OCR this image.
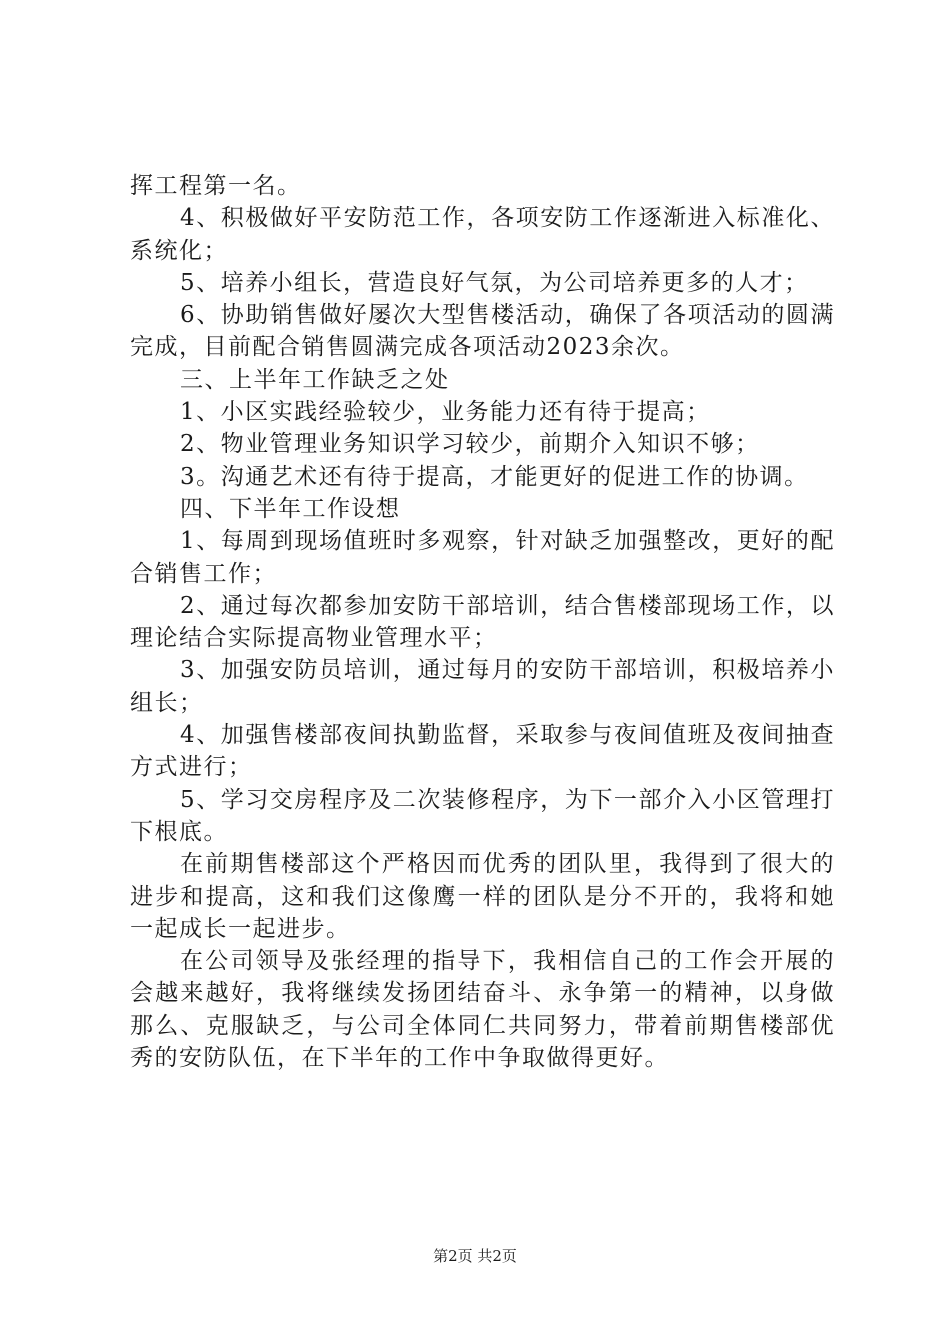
挥工程第一名。

4、积极做好平安防范工作，各项安防工作逐渐进入标准化、系统化；

5、培养小组长，营造良好气氛，为公司培养更多的人才；

6、协助销售做好屡次大型售楼活动，确保了各项活动的圆满完成，目前配合销售圆满完成各项活动2023余次。

三、上半年工作缺乏之处

1、小区实践经验较少，业务能力还有待于提高；

2、物业管理业务知识学习较少，前期介入知识不够；

3。沟通艺术还有待于提高，才能更好的促进工作的协调。

四、下半年工作设想

1、每周到现场值班时多观察，针对缺乏加强整改，更好的配合销售工作；

2、通过每次都参加安防干部培训，结合售楼部现场工作，以理论结合实际提高物业管理水平；

3、加强安防员培训，通过每月的安防干部培训，积极培养小组长；

4、加强售楼部夜间执勤监督，采取参与夜间值班及夜间抽查方式进行；

5、学习交房程序及二次装修程序，为下一部介入小区管理打下根底。

在前期售楼部这个严格因而优秀的团队里，我得到了很大的进步和提高，这和我们这像鹰一样的团队是分不开的，我将和她一起成长一起进步。

在公司领导及张经理的指导下，我相信自己的工作会开展的会越来越好，我将继续发扬团结奋斗、永争第一的精神，以身做那么、克服缺乏，与公司全体同仁共同努力，带着前期售楼部优秀的安防队伍，在下半年的工作中争取做得更好。

第2页 共2页
